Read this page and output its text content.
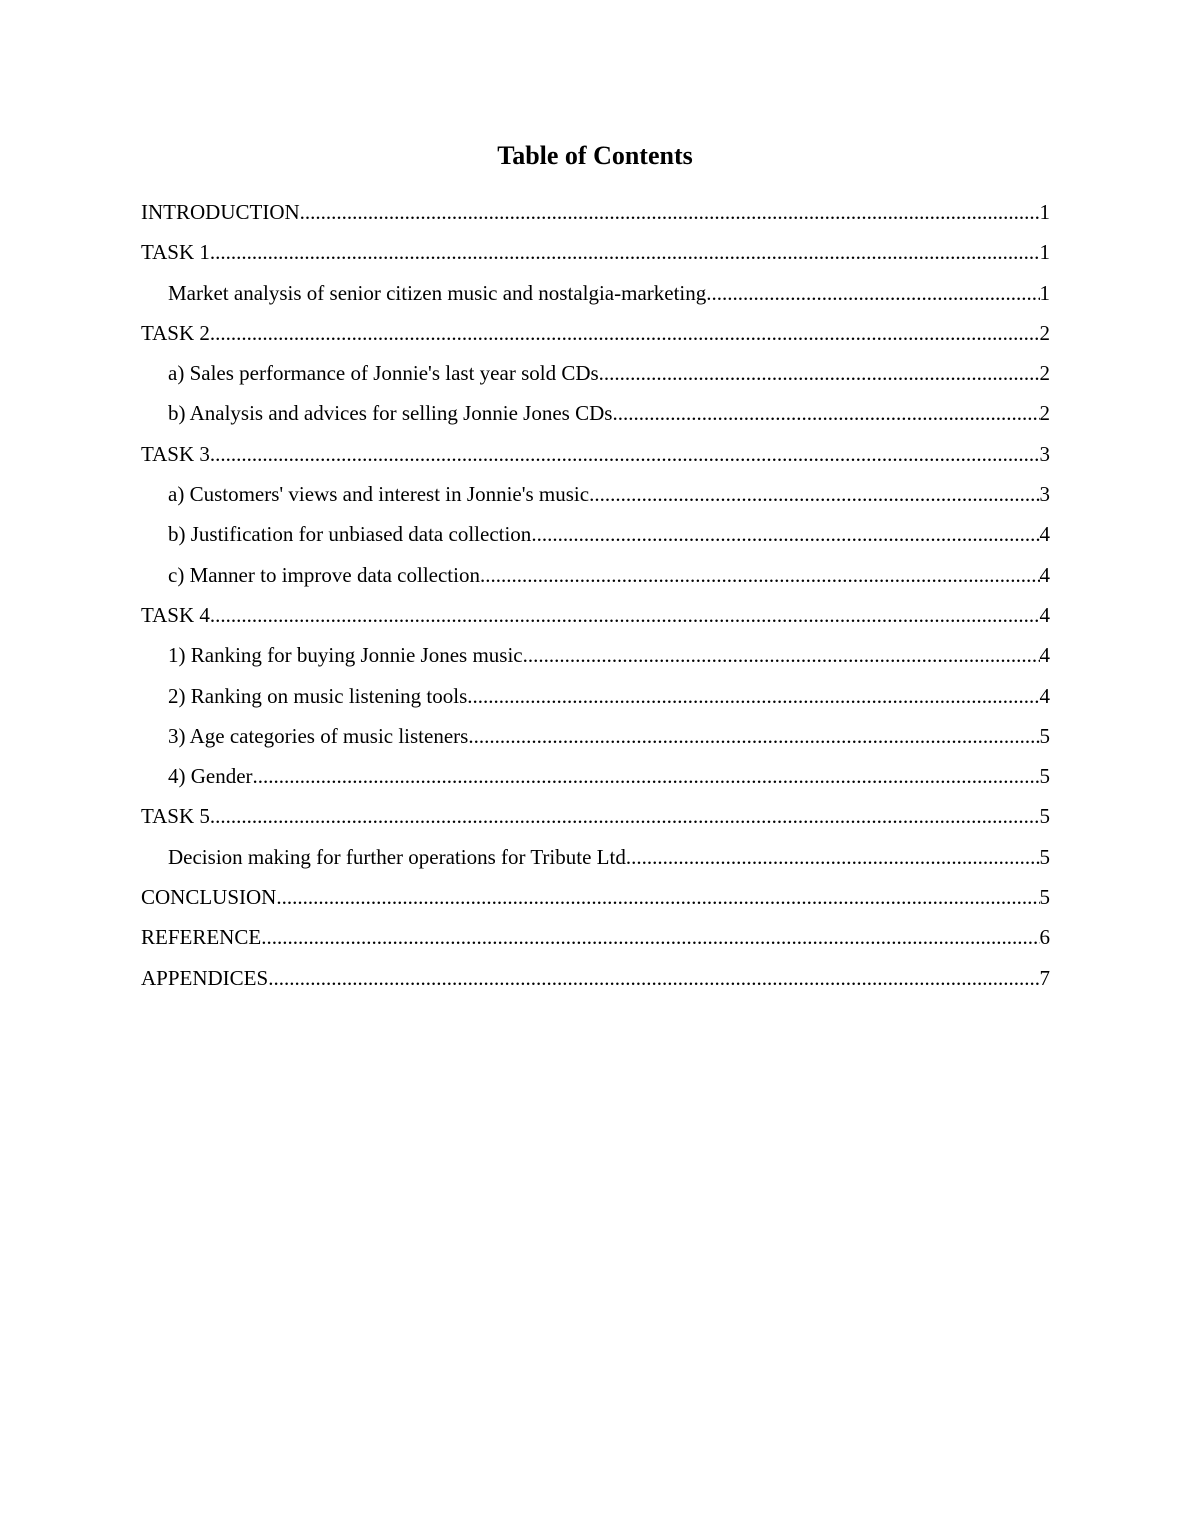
Table of Contents
INTRODUCTION .....	1
TASK 1 .....	1
Market analysis of senior citizen music and nostalgia-marketing .....	1
TASK 2 .....	2
a) Sales performance of Jonnie's last year sold CDs .....	2
b) Analysis and advices for selling Jonnie Jones CDs .....	2
TASK 3 .....	3
a) Customers' views and interest in Jonnie's music .....	3
b) Justification for unbiased data collection .....	4
c) Manner to improve data collection .....	4
TASK 4 .....	4
1) Ranking for buying Jonnie Jones music .....	4
2) Ranking on music listening tools .....	4
3) Age categories of music listeners .....	5
4) Gender .....	5
TASK 5 .....	5
Decision making for further operations for Tribute Ltd .....	5
CONCLUSION .....	5
REFERENCE .....	6
APPENDICES .....	7
